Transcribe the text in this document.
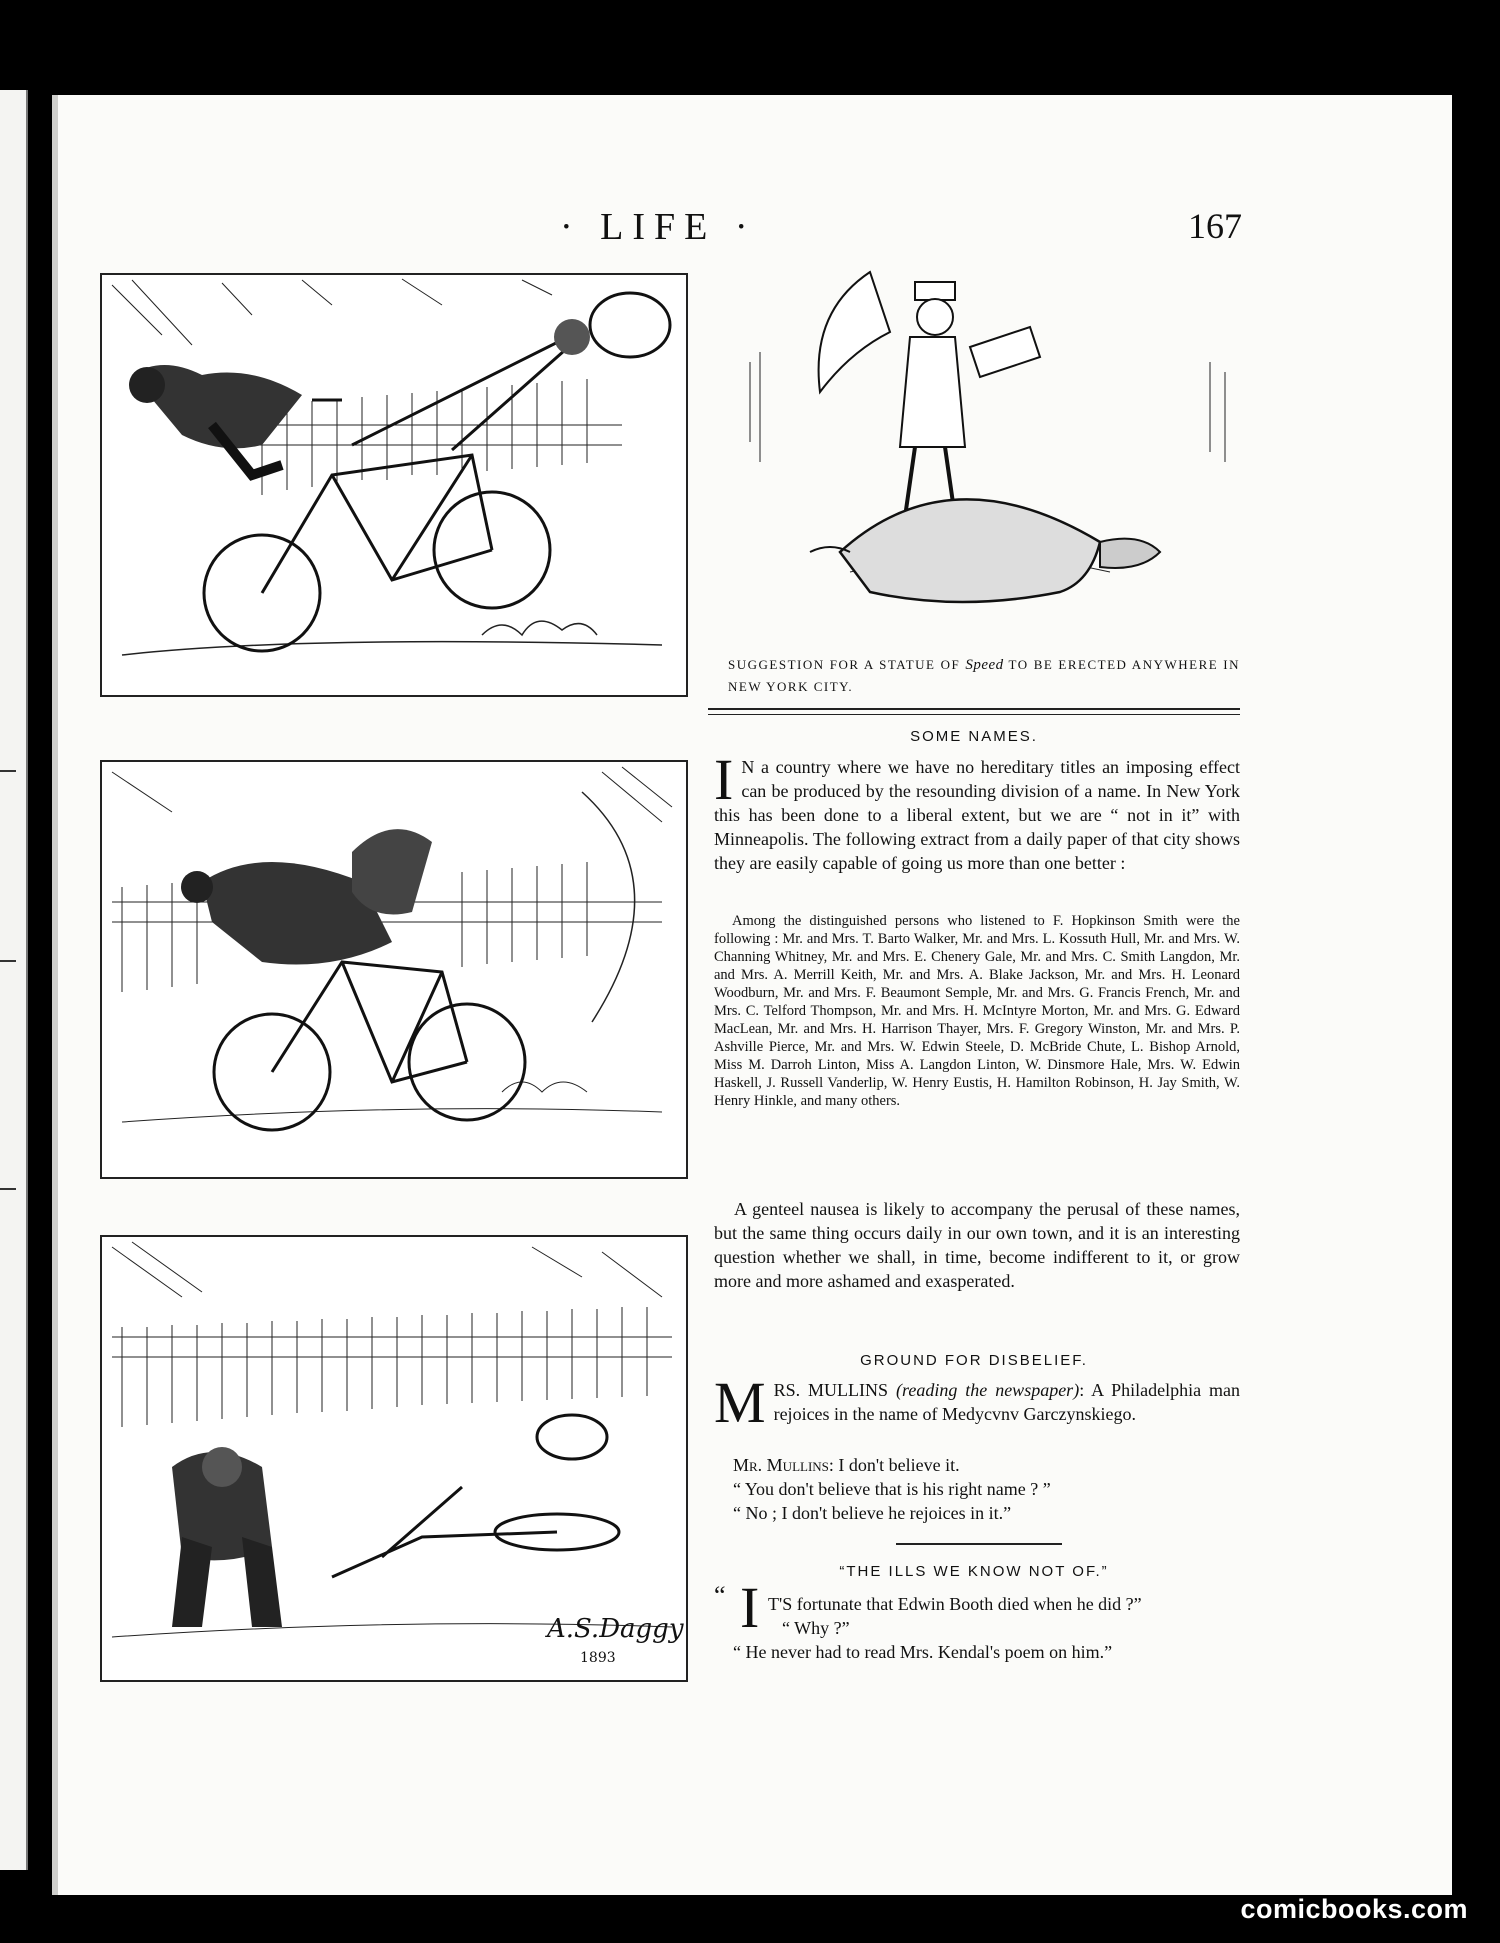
· LIFE ·	167
A.S.Daggy
1893
SUGGESTION FOR A STATUE OF Speed TO BE ERECTED ANYWHERE IN NEW YORK CITY.
SOME NAMES.
I N a country where we have no hereditary titles an imposing effect can be produced by the resounding division of a name. In New York this has been done to a liberal extent, but we are “ not in it” with Minneapolis. The following extract from a daily paper of that city shows they are easily capable of going us more than one better :
Among the distinguished persons who listened to F. Hopkinson Smith were the following : Mr. and Mrs. T. Barto Walker, Mr. and Mrs. L. Kossuth Hull, Mr. and Mrs. W. Channing Whitney, Mr. and Mrs. E. Chenery Gale, Mr. and Mrs. C. Smith Langdon, Mr. and Mrs. A. Merrill Keith, Mr. and Mrs. A. Blake Jackson, Mr. and Mrs. H. Leonard Woodburn, Mr. and Mrs. F. Beaumont Semple, Mr. and Mrs. G. Francis French, Mr. and Mrs. C. Telford Thompson, Mr. and Mrs. H. McIntyre Morton, Mr. and Mrs. G. Edward MacLean, Mr. and Mrs. H. Harrison Thayer, Mrs. F. Gregory Winston, Mr. and Mrs. P. Ashville Pierce, Mr. and Mrs. W. Edwin Steele, D. McBride Chute, L. Bishop Arnold, Miss M. Darroh Linton, Miss A. Langdon Linton, W. Dinsmore Hale, Mrs. W. Edwin Haskell, J. Russell Vanderlip, W. Henry Eustis, H. Hamilton Robinson, H. Jay Smith, W. Henry Hinkle, and many others.
A genteel nausea is likely to accompany the perusal of these names, but the same thing occurs daily in our own town, and it is an interesting question whether we shall, in time, become indifferent to it, or grow more and more ashamed and exasperated.
GROUND FOR DISBELIEF.
MRS. MULLINS (reading the newspaper): A Philadelphia man rejoices in the name of Medycvnv Garczynskiego.
Mr. Mullins: I don't believe it.
“ You don't believe that is his right name ? ”
“ No ; I don't believe he rejoices in it.”
“THE ILLS WE KNOW NOT OF.”
“ I T'S fortunate that Edwin Booth died when he did ?”
“ Why ?”
“ He never had to read Mrs. Kendal's poem on him.”
comicbooks.com
